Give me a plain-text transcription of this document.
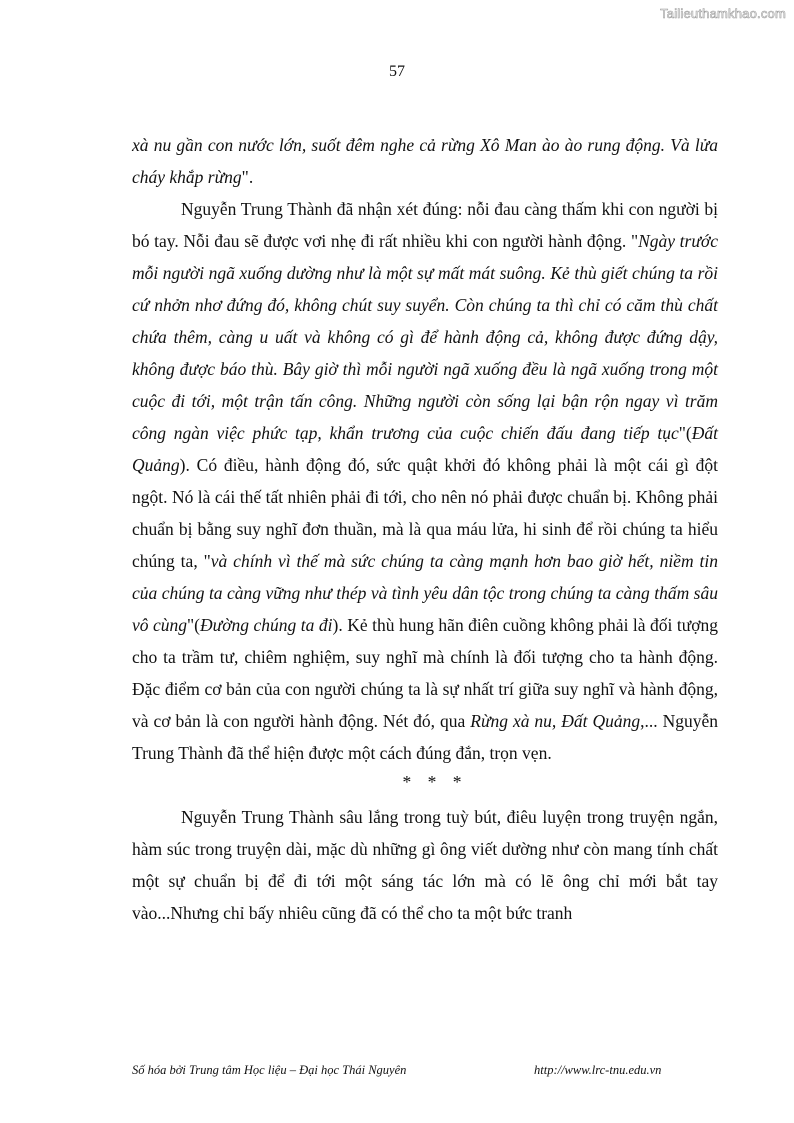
Tailieuthamkhao.com
57

xà nu gần con nước lớn, suốt đêm nghe cả rừng Xô Man ào ào rung động. Và lửa cháy khắp rừng".

Nguyễn Trung Thành đã nhận xét đúng: nỗi đau càng thấm khi con người bị bó tay. Nỗi đau sẽ được vơi nhẹ đi rất nhiều khi con người hành động. "Ngày trước mỗi người ngã xuống dường như là một sự mất mát suông. Kẻ thù giết chúng ta rồi cứ nhởn nhơ đứng đó, không chút suy suyển. Còn chúng ta thì chỉ có căm thù chất chứa thêm, càng u uất và không có gì để hành động cả, không được đứng dậy, không được báo thù. Bây giờ thì mỗi người ngã xuống đều là ngã xuống trong một cuộc đi tới, một trận tấn công. Những người còn sống lại bận rộn ngay vì trăm công ngàn việc phức tạp, khẩn trương của cuộc chiến đấu đang tiếp tục"(Đất Quảng). Có điều, hành động đó, sức quật khởi đó không phải là một cái gì đột ngột. Nó là cái thế tất nhiên phải đi tới, cho nên nó phải được chuẩn bị. Không phải chuẩn bị bằng suy nghĩ đơn thuần, mà là qua máu lửa, hi sinh để rồi chúng ta hiểu chúng ta, "và chính vì thế mà sức chúng ta càng mạnh hơn bao giờ hết, niềm tin của chúng ta càng vững như thép và tình yêu dân tộc trong chúng ta càng thấm sâu vô cùng"(Đường chúng ta đi). Kẻ thù hung hãn điên cuồng không phải là đối tượng cho ta trầm tư, chiêm nghiệm, suy nghĩ mà chính là đối tượng cho ta hành động. Đặc điểm cơ bản của con người chúng ta là sự nhất trí giữa suy nghĩ và hành động, và cơ bản là con người hành động. Nét đó, qua Rừng xà nu, Đất Quảng,... Nguyễn Trung Thành đã thể hiện được một cách đúng đắn, trọn vẹn.

* * *

Nguyễn Trung Thành sâu lắng trong tuỳ bút, điêu luyện trong truyện ngắn, hàm súc trong truyện dài, mặc dù những gì ông viết dường như còn mang tính chất một sự chuẩn bị để đi tới một sáng tác lớn mà có lẽ ông chỉ mới bắt tay vào...Nhưng chỉ bấy nhiêu cũng đã có thể cho ta một bức tranh

Số hóa bởi Trung tâm Học liệu – Đại học Thái Nguyên	http://www.lrc-tnu.edu.vn
